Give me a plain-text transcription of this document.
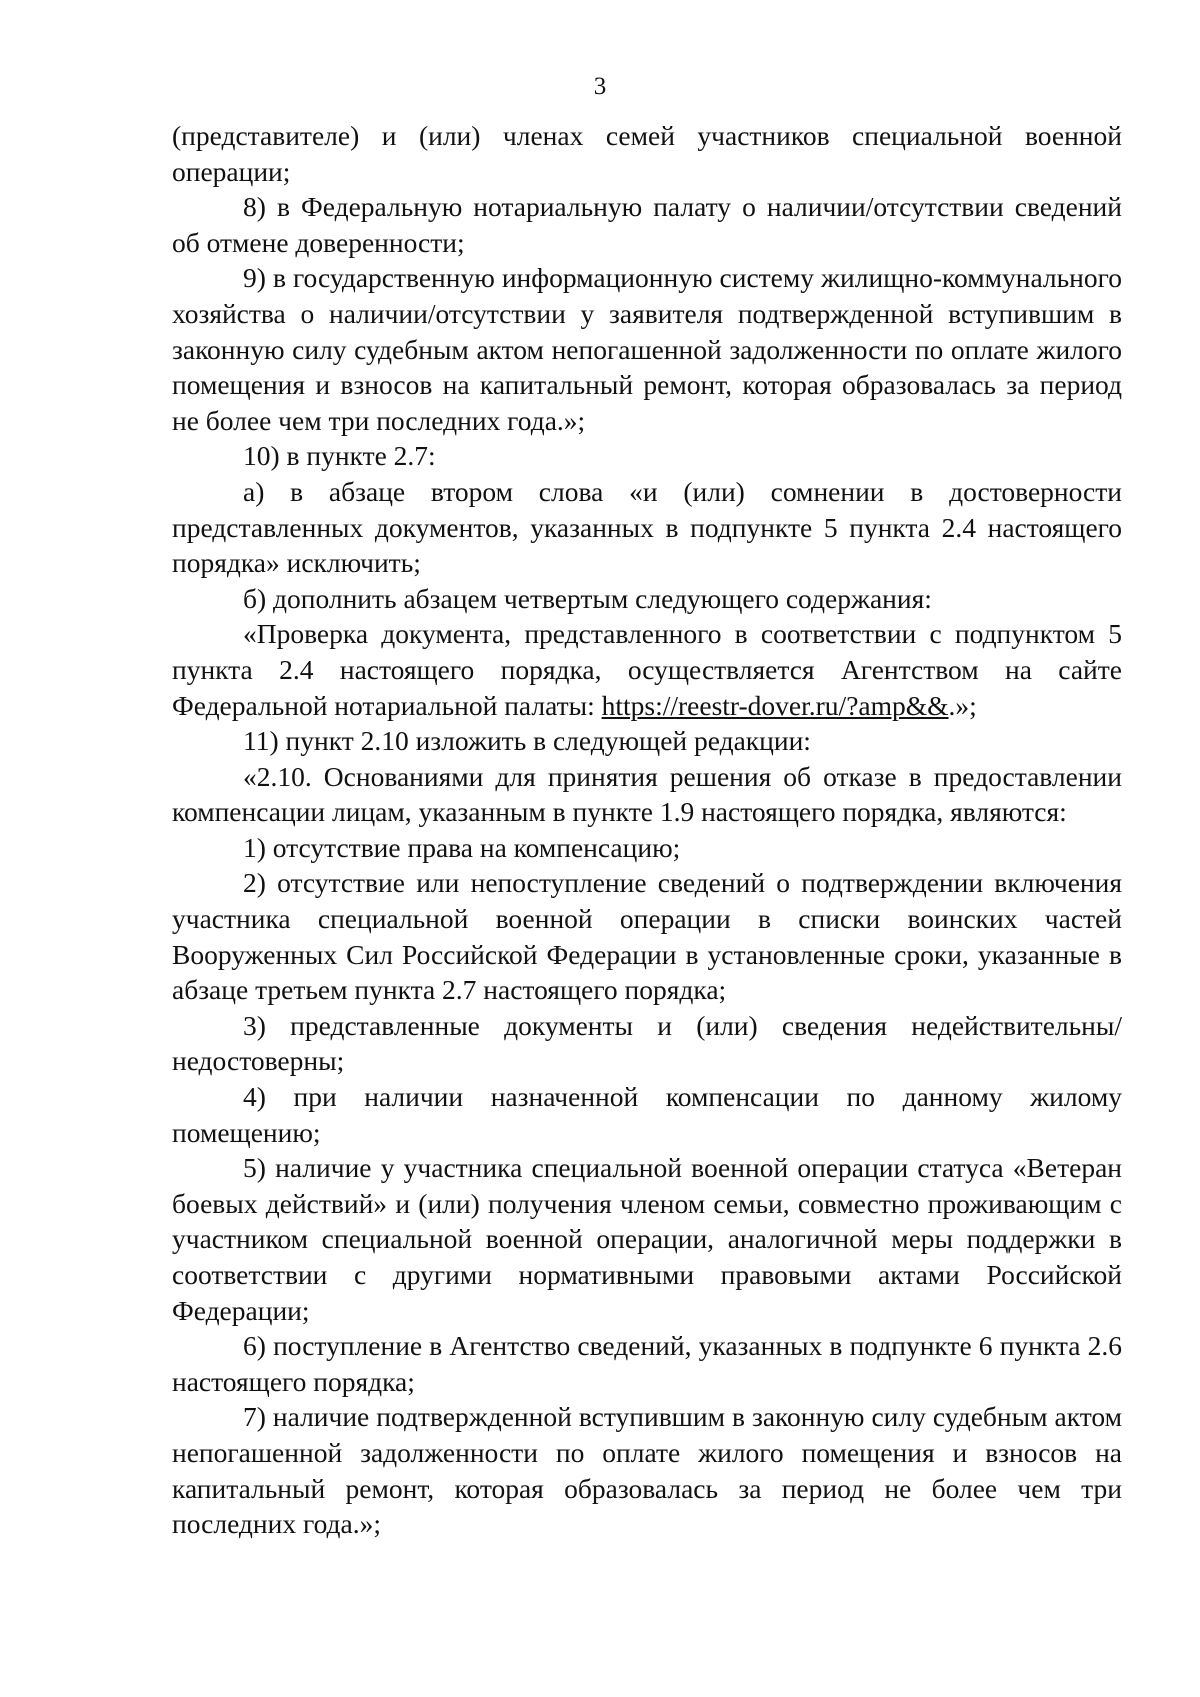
3

(представителе) и (или) членах семей участников специальной военной операции;

8) в Федеральную нотариальную палату о наличии/отсутствии сведений об отмене доверенности;

9) в государственную информационную систему жилищно-коммунального хозяйства о наличии/отсутствии у заявителя подтвержденной вступившим в законную силу судебным актом непогашенной задолженности по оплате жилого помещения и взносов на капитальный ремонт, которая образовалась за период не более чем три последних года.»;

10) в пункте 2.7:

а) в абзаце втором слова «и (или) сомнении в достоверности представленных документов, указанных в подпункте 5 пункта 2.4 настоящего порядка» исключить;

б) дополнить абзацем четвертым следующего содержания:

«Проверка документа, представленного в соответствии с подпунктом 5 пункта 2.4 настоящего порядка, осуществляется Агентством на сайте Федеральной нотариальной палаты: https://reestr-dover.ru/?amp&&.»;

11) пункт 2.10 изложить в следующей редакции:

«2.10. Основаниями для принятия решения об отказе в предоставлении компенсации лицам, указанным в пункте 1.9 настоящего порядка, являются:

1) отсутствие права на компенсацию;

2) отсутствие или непоступление сведений о подтверждении включения участника специальной военной операции в списки воинских частей Вооруженных Сил Российской Федерации в установленные сроки, указанные в абзаце третьем пункта 2.7 настоящего порядка;

3) представленные документы и (или) сведения недействительны/недостоверны;

4) при наличии назначенной компенсации по данному жилому помещению;

5) наличие у участника специальной военной операции статуса «Ветеран боевых действий» и (или) получения членом семьи, совместно проживающим с участником специальной военной операции, аналогичной меры поддержки в соответствии с другими нормативными правовыми актами Российской Федерации;

6) поступление в Агентство сведений, указанных в подпункте 6 пункта 2.6 настоящего порядка;

7) наличие подтвержденной вступившим в законную силу судебным актом непогашенной задолженности по оплате жилого помещения и взносов на капитальный ремонт, которая образовалась за период не более чем три последних года.»;
